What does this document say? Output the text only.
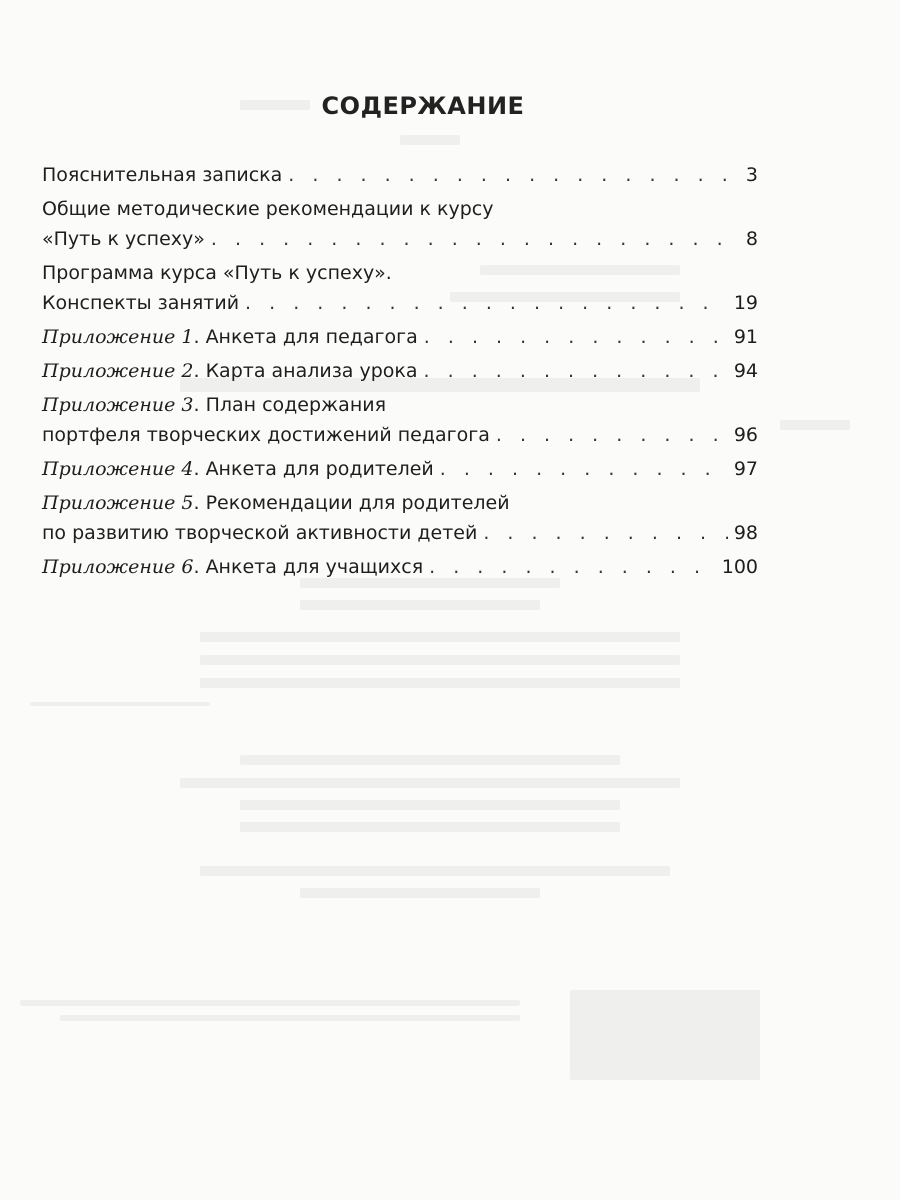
СОДЕРЖАНИЕ
Пояснительная записка . . .	3
Общие методические рекомендации к курсу
«Путь к успеху» . . .	8
Программа курса «Путь к успеху».
Конспекты занятий . . .	19
Приложение 1. Анкета для педагога . . .	91
Приложение 2. Карта анализа урока . . .	94
Приложение 3. План содержания
портфеля творческих достижений педагога . . .	96
Приложение 4. Анкета для родителей . . .	97
Приложение 5. Рекомендации для родителей
по развитию творческой активности детей . . .	98
Приложение 6. Анкета для учащихся . . .	100
